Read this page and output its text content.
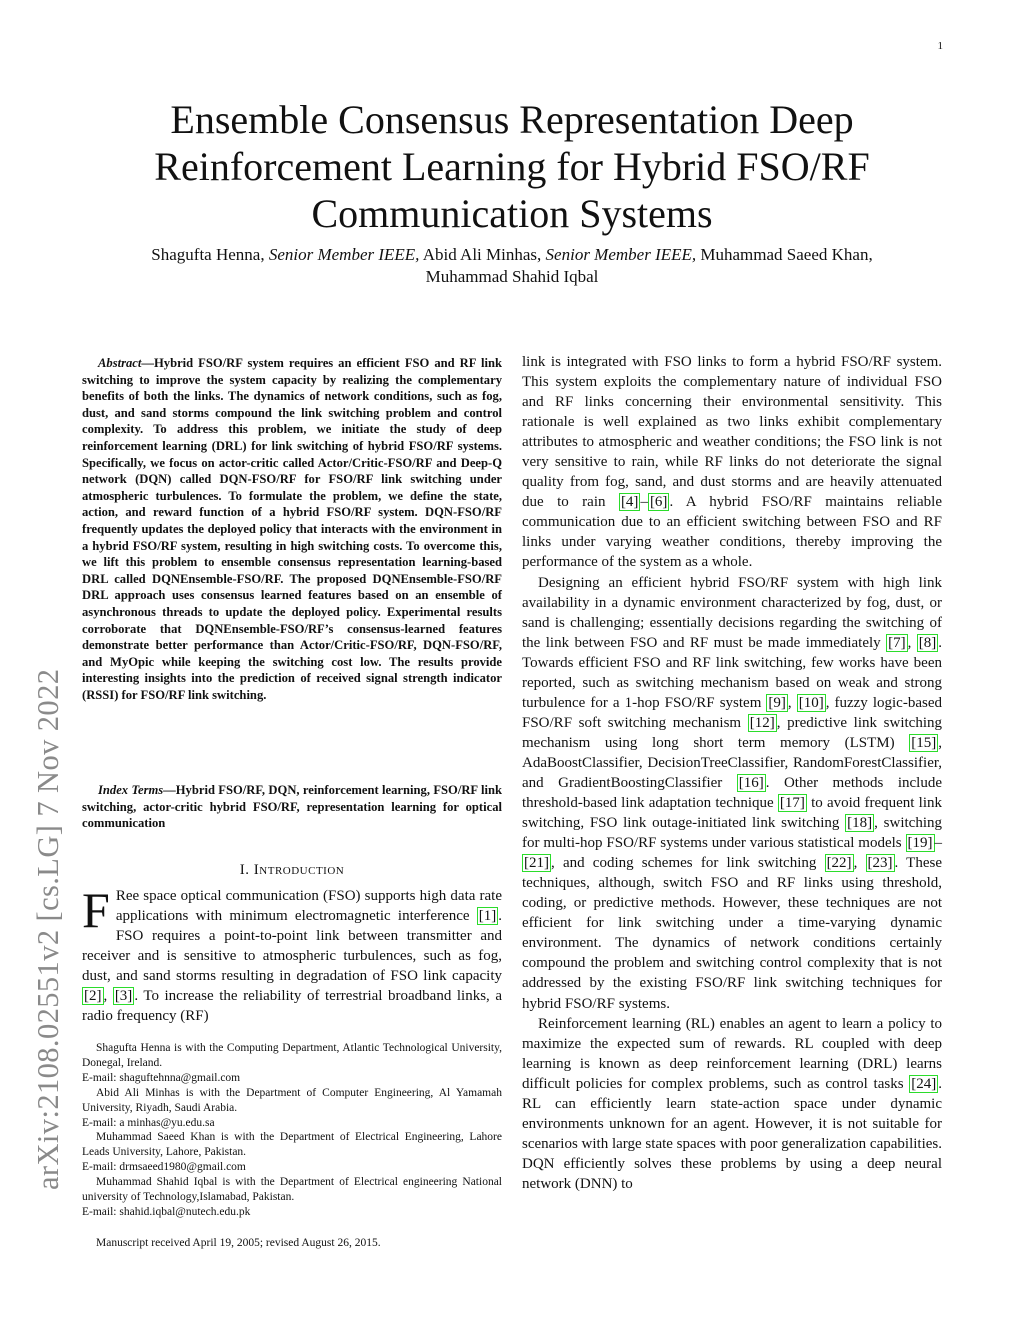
1
arXiv:2108.02551v2 [cs.LG] 7 Nov 2022
Ensemble Consensus Representation Deep Reinforcement Learning for Hybrid FSO/RF Communication Systems
Shagufta Henna, Senior Member IEEE, Abid Ali Minhas, Senior Member IEEE, Muhammad Saeed Khan,
Muhammad Shahid Iqbal
Abstract—Hybrid FSO/RF system requires an efficient FSO and RF link switching to improve the system capacity by realizing the complementary benefits of both the links. The dynamics of network conditions, such as fog, dust, and sand storms compound the link switching problem and control complexity. To address this problem, we initiate the study of deep reinforcement learning (DRL) for link switching of hybrid FSO/RF systems. Specifically, we focus on actor-critic called Actor/Critic-FSO/RF and Deep-Q network (DQN) called DQN-FSO/RF for FSO/RF link switching under atmospheric turbulences. To formulate the problem, we define the state, action, and reward function of a hybrid FSO/RF system. DQN-FSO/RF frequently updates the deployed policy that interacts with the environment in a hybrid FSO/RF system, resulting in high switching costs. To overcome this, we lift this problem to ensemble consensus representation learning-based DRL called DQNEnsemble-FSO/RF. The proposed DQNEnsemble-FSO/RF DRL approach uses consensus learned features based on an ensemble of asynchronous threads to update the deployed policy. Experimental results corroborate that DQNEnsemble-FSO/RF’s consensus-learned features demonstrate better performance than Actor/Critic-FSO/RF, DQN-FSO/RF, and MyOpic while keeping the switching cost low. The results provide interesting insights into the prediction of received signal strength indicator (RSSI) for FSO/RF link switching.
Index Terms—Hybrid FSO/RF, DQN, reinforcement learning, FSO/RF link switching, actor-critic hybrid FSO/RF, representation learning for optical communication
I. Introduction
F Ree space optical communication (FSO) supports high data rate applications with minimum electromagnetic interference [1] . FSO requires a point-to-point link between transmitter and receiver and is sensitive to atmospheric turbulences, such as fog, dust, and sand storms resulting in degradation of FSO link capacity [2] , [3] . To increase the reliability of terrestrial broadband links, a radio frequency (RF)

Shagufta Henna is with the Computing Department, Atlantic Technological University, Donegal, Ireland.

E-mail: shaguftehnna@gmail.com

Abid Ali Minhas is with the Department of Computer Engineering, Al Yamamah University, Riyadh, Saudi Arabia.

E-mail: a minhas@yu.edu.sa

Muhammad Saeed Khan is with the Department of Electrical Engineering, Lahore Leads University, Lahore, Pakistan.

E-mail: drmsaeed1980@gmail.com

Muhammad Shahid Iqbal is with the Department of Electrical engineering National university of Technology,Islamabad, Pakistan.

E-mail: shahid.iqbal@nutech.edu.pk

Manuscript received April 19, 2005; revised August 26, 2015.

link is integrated with FSO links to form a hybrid FSO/RF system. This system exploits the complementary nature of individual FSO and RF links concerning their environmental sensitivity. This rationale is well explained as two links exhibit complementary attributes to atmospheric and weather conditions; the FSO link is not very sensitive to rain, while RF links do not deteriorate the signal quality from fog, sand, and dust storms and are heavily attenuated due to rain [4] – [6] . A hybrid FSO/RF maintains reliable communication due to an efficient switching between FSO and RF links under varying weather conditions, thereby improving the performance of the system as a whole.

Designing an efficient hybrid FSO/RF system with high link availability in a dynamic environment characterized by fog, dust, or sand is challenging; essentially decisions regarding the switching of the link between FSO and RF must be made immediately [7] , [8] . Towards efficient FSO and RF link switching, few works have been reported, such as switching mechanism based on weak and strong turbulence for a 1-hop FSO/RF system [9] , [10] , fuzzy logic-based FSO/RF soft switching mechanism [12] , predictive link switching mechanism using long short term memory (LSTM) [15] , AdaBoostClassifier, DecisionTreeClassifier, RandomForestClassifier, and GradientBoostingClassifier [16] . Other methods include threshold-based link adaptation technique [17] to avoid frequent link switching, FSO link outage-initiated link switching [18] , switching for multi-hop FSO/RF systems under various statistical models [19] –[21] , and coding schemes for link switching [22] , [23] . These techniques, although, switch FSO and RF links using threshold, coding, or predictive methods. However, these techniques are not efficient for link switching under a time-varying dynamic environment. The dynamics of network conditions certainly compound the problem and switching control complexity that is not addressed by the existing FSO/RF link switching techniques for hybrid FSO/RF systems.

Reinforcement learning (RL) enables an agent to learn a policy to maximize the expected sum of rewards. RL coupled with deep learning is known as deep reinforcement learning (DRL) learns difficult policies for complex problems, such as control tasks [24] . RL can efficiently learn state-action space under dynamic environments unknown for an agent. However, it is not suitable for scenarios with large state spaces with poor generalization capabilities. DQN efficiently solves these problems by using a deep neural network (DNN) to
